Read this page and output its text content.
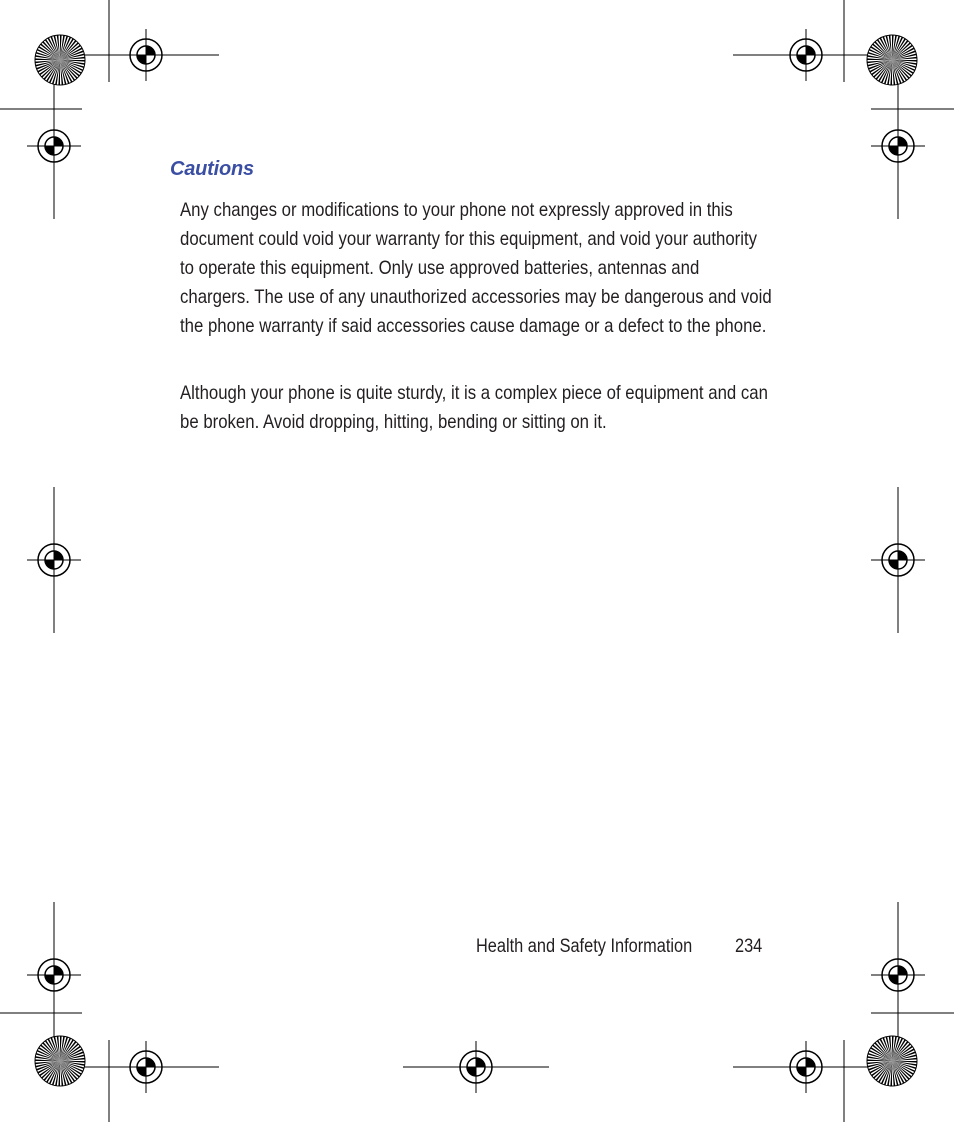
Cautions

Any changes or modifications to your phone not expressly approved in this document could void your warranty for this equipment, and void your authority to operate this equipment. Only use approved batteries, antennas and chargers. The use of any unauthorized accessories may be dangerous and void the phone warranty if said accessories cause damage or a defect to the phone.

Although your phone is quite sturdy, it is a complex piece of equipment and can be broken. Avoid dropping, hitting, bending or sitting on it.

Health and Safety Information 234
